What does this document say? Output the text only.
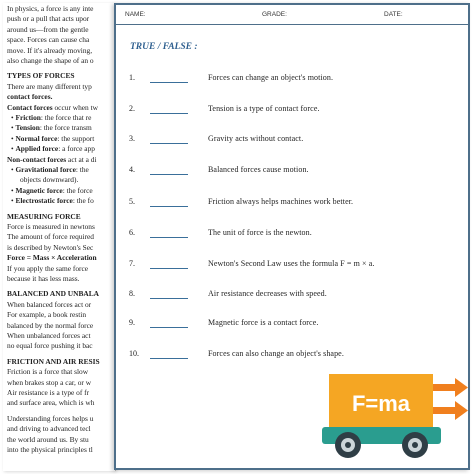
In physics, a force is any inte

push or a pull that acts upor

around us—from the gentle

space. Forces can cause cha

move. If it's already moving,

also change the shape of an o

TYPES OF FORCES

There are many different typ

contact forces.

Contact forces occur when tw

• Friction: the force that re

• Tension: the force transm

• Normal force: the support

• Applied force: a force app

Non-contact forces act at a di

• Gravitational force: the

objects downward).

• Magnetic force: the force

• Electrostatic force: the fo

MEASURING FORCE

Force is measured in newtons

The amount of force required

is described by Newton's Sec

Force = Mass × Acceleration

If you apply the same force

because it has less mass.

BALANCED AND UNBALA

When balanced forces act or

For example, a book restin

balanced by the normal force

When unbalanced forces act

no equal force pushing it bac

FRICTION AND AIR RESIS

Friction is a force that slow

when brakes stop a car, or w

Air resistance is a type of fr

and surface area, which is wh

Understanding forces helps u

and driving to advanced tecl

the world around us. By stu

into the physical principles tl

NAME:	GRADE:	DATE:
TRUE / FALSE :
1.	Forces can change an object's motion.
2.	Tension is a type of contact force.
3.	Gravity acts without contact.
4.	Balanced forces cause motion.
5.	Friction always helps machines work better.
6.	The unit of force is the newton.
7.	Newton's Second Law uses the formula F = m × a.
8.	Air resistance decreases with speed.
9.	Magnetic force is a contact force.
10.	Forces can also change an object's shape.
F=ma
